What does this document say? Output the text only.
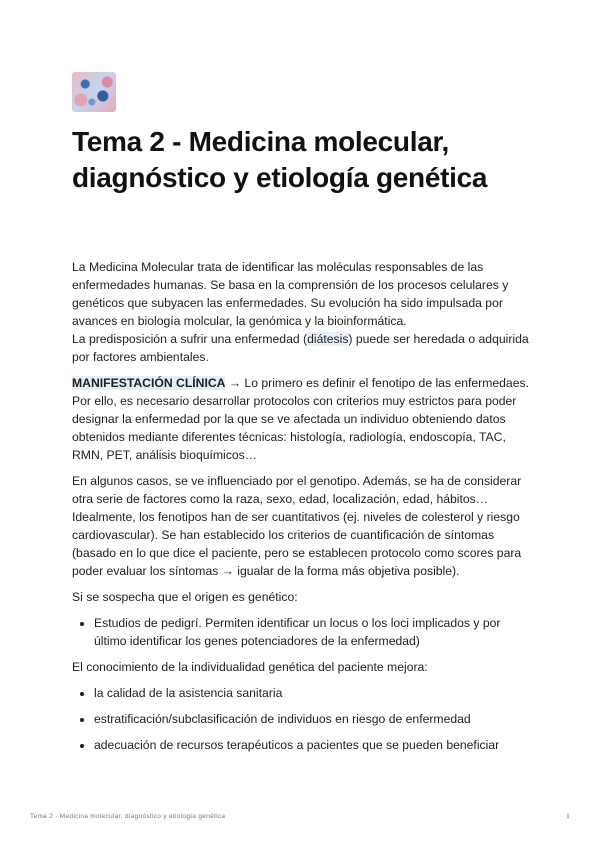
Tema 2 - Medicina molecular, diagnóstico y etiología genética

La Medicina Molecular trata de identificar las moléculas responsables de las enfermedades humanas. Se basa en la comprensión de los procesos celulares y genéticos que subyacen las enfermedades. Su evolución ha sido impulsada por avances en biología molcular, la genómica y la bioinformática.

La predisposición a sufrir una enfermedad (diátesis) puede ser heredada o adquirida por factores ambientales.

MANIFESTACIÓN CLÍNICA → Lo primero es definir el fenotipo de las enfermedaes. Por ello, es necesario desarrollar protocolos con criterios muy estrictos para poder designar la enfermedad por la que se ve afectada un individuo obteniendo datos obtenidos mediante diferentes técnicas: histología, radiología, endoscopía, TAC, RMN, PET, análisis bioquímicos…

En algunos casos, se ve influenciado por el genotipo. Además, se ha de considerar otra serie de factores como la raza, sexo, edad, localización, edad, hábitos… Idealmente, los fenotipos han de ser cuantitativos (ej. niveles de colesterol y riesgo cardiovascular). Se han establecido los criterios de cuantificación de síntomas (basado en lo que dice el paciente, pero se establecen protocolo como scores para poder evaluar los síntomas → igualar de la forma más objetiva posible).

Si se sospecha que el origen es genético:

• Estudios de pedigrí. Permiten identificar un locus o los loci implicados y por último identificar los genes potenciadores de la enfermedad)

El conocimiento de la individualidad genética del paciente mejora:

• la calidad de la asistencia sanitaria
• estratificación/subclasificación de individuos en riesgo de enfermedad
• adecuación de recursos terapéuticos a pacientes que se pueden beneficiar
Tema 2 - Medicina molecular, diagnóstico y etiología genética	1
